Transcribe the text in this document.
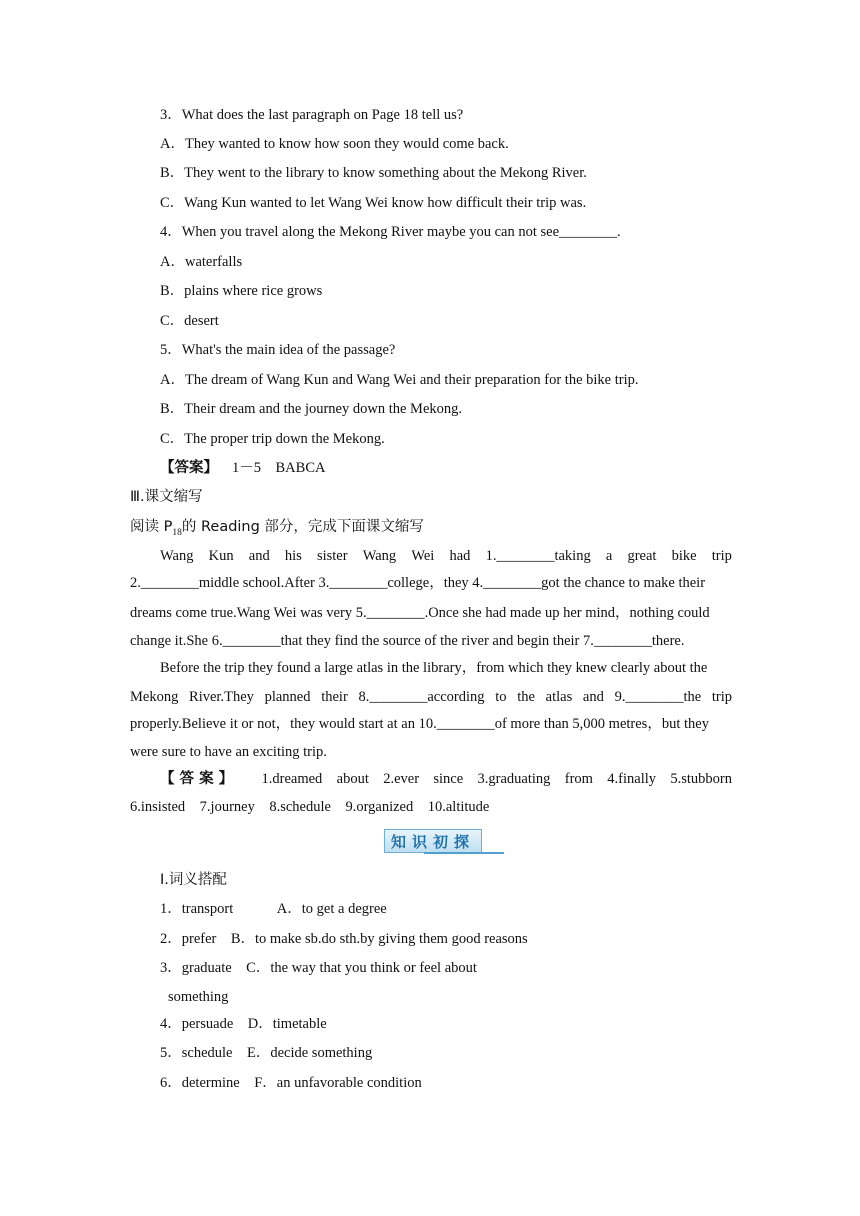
3．What does the last paragraph on Page 18 tell us?
A．They wanted to know how soon they would come back.
B．They went to the library to know something about the Mekong River.
C．Wang Kun wanted to let Wang Wei know how difficult their trip was.
4．When you travel along the Mekong River maybe you can not see________.
A．waterfalls
B．plains where rice grows
C．desert
5．What's the main idea of the passage?
A．The dream of Wang Kun and Wang Wei and their preparation for the bike trip.
B．Their dream and the journey down the Mekong.
C．The proper trip down the Mekong.
【答案】 1－5　BABCA
Ⅲ.课文缩写
阅读 $P_{18}$的 Reading 部分，完成下面课文缩写
Wang Kun and his sister Wang Wei had 1.________taking a great bike trip
2.________middle school.After 3.________college，they 4.________got the chance to make their
dreams come true.Wang Wei was very 5.________.Once she had made up her mind，nothing could
change it.She 6.________that they find the source of the river and begin their 7.________there.
Before the trip they found a large atlas in the library，from which they knew clearly about the
Mekong River.They planned their 8.________according to the atlas and 9.________the trip
properly.Believe it or not，they would start at an 10.________of more than 5,000 metres，but they
were sure to have an exciting trip.
【 答 案 】 1.dreamed about 2.ever since 3.graduating from 4.finally 5.stubborn
6.insisted　7.journey　8.schedule　9.organized　10.altitude
知识初探
Ⅰ.词义搭配
1．transport　　　A．to get a degree
2．prefer　B．to make sb.do sth.by giving them good reasons
3．graduate　C．the way that you think or feel about
something
4．persuade　D．timetable
5．schedule　E．decide something
6．determine　F．an unfavorable condition
